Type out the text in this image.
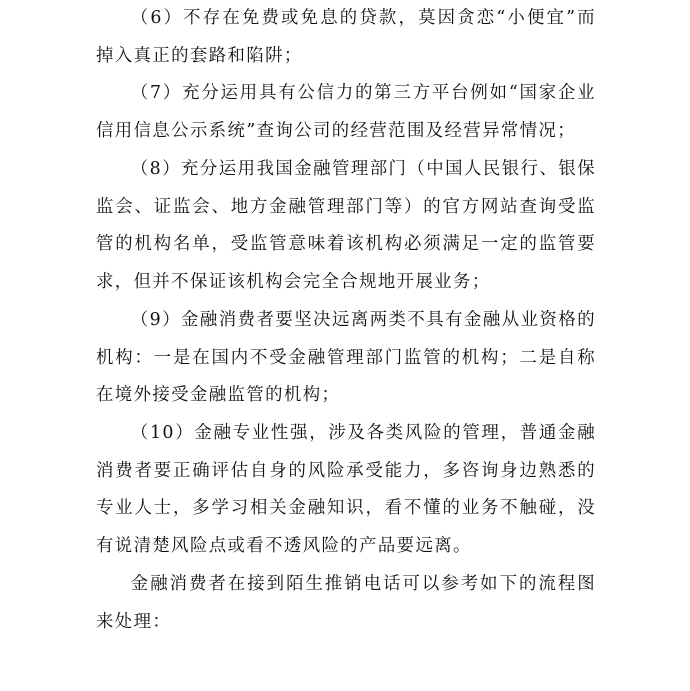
（6）不存在免费或免息的贷款，莫因贪恋“小便宜”而掉入真正的套路和陷阱；

（7）充分运用具有公信力的第三方平台例如“国家企业信用信息公示系统”查询公司的经营范围及经营异常情况；

（8）充分运用我国金融管理部门（中国人民银行、银保监会、证监会、地方金融管理部门等）的官方网站查询受监管的机构名单，受监管意味着该机构必须满足一定的监管要求，但并不保证该机构会完全合规地开展业务；

（9）金融消费者要坚决远离两类不具有金融从业资格的机构：一是在国内不受金融管理部门监管的机构；二是自称在境外接受金融监管的机构；

（10）金融专业性强，涉及各类风险的管理，普通金融消费者要正确评估自身的风险承受能力，多咨询身边熟悉的专业人士，多学习相关金融知识，看不懂的业务不触碰，没有说清楚风险点或看不透风险的产品要远离。

金融消费者在接到陌生推销电话可以参考如下的流程图来处理：
